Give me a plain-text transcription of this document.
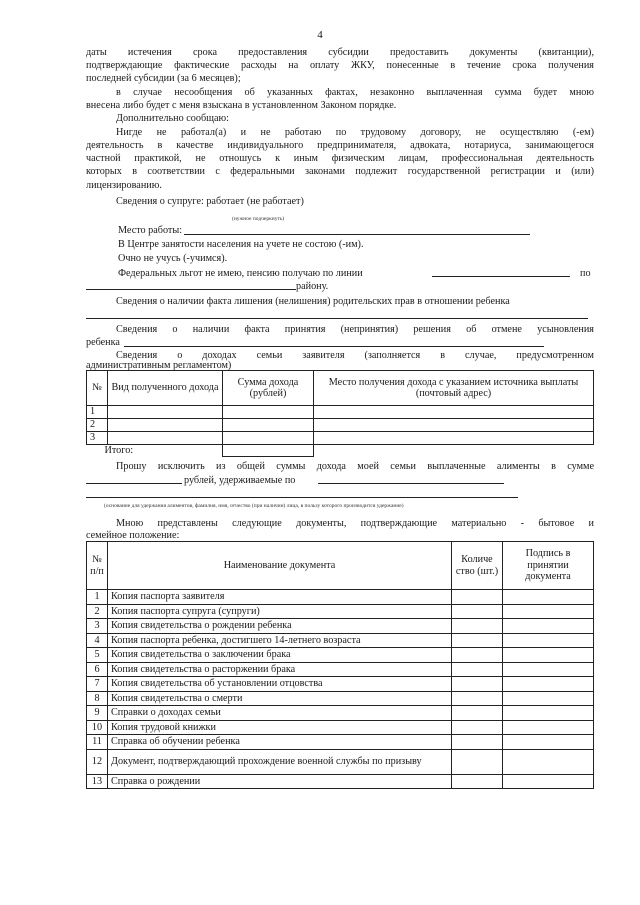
4
даты истечения срока предоставления субсидии предоставить документы (квитанции),
подтверждающие фактические расходы на оплату ЖКУ, понесенные в течение срока получения
последней субсидии (за 6 месяцев);
в случае несообщения об указанных фактах, незаконно выплаченная сумма будет мною
внесена либо будет с меня взыскана в установленном Законом порядке.
Дополнительно сообщаю:
Нигде не работал(а) и не работаю по трудовому договору, не осуществляю (-ем)
деятельность в качестве индивидуального предпринимателя, адвоката, нотариуса, занимающегося
частной практикой, не отношусь к иным физическим лицам, профессиональная деятельность
которых в соответствии с федеральными законами подлежит государственной регистрации и (или)
лицензированию.
Сведения о супруге: работает (не работает)
(нужное подчеркнуть)
Место работы:
В Центре занятости населения на учете не состою (-им).
Очно не учусь (-учимся).
Федеральных льгот не имею, пенсию получаю по линии	по
району.
Сведения о наличии факта лишения (нелишения) родительских прав в отношении ребенка
Сведения о наличии факта принятия (непринятия) решения об отмене усыновления
ребенка
Сведения о доходах семьи заявителя (заполняется в случае, предусмотренном
административным регламентом)
№	Вид полученного дохода	Сумма дохода (рублей)	Место получения дохода с указанием источника выплаты (почтовый адрес)
1			
2			
3			
Итого:			
Прошу исключить из общей суммы дохода моей семьи выплаченные алименты в сумме
рублей, удерживаемые по
(основание для удержания алиментов, фамилия, имя, отчество (при наличии) лица, в пользу которого производится удержание)
Мною представлены следующие документы, подтверждающие материально - бытовое и
семейное положение:
№ п/п	Наименование документа	Количе ство (шт.)	Подпись в принятии документа
1	Копия паспорта заявителя		
2	Копия паспорта супруга (супруги)		
3	Копия свидетельства о рождении ребенка		
4	Копия паспорта ребенка, достигшего 14-летнего возраста		
5	Копия свидетельства о заключении брака		
6	Копия свидетельства о расторжении брака		
7	Копия свидетельства об установлении отцовства		
8	Копия свидетельства о смерти		
9	Справки о доходах семьи		
10	Копия трудовой книжки		
11	Справка об обучении ребенка		
12	Документ, подтверждающий прохождение военной службы по призыву		
13	Справка о рождении		
